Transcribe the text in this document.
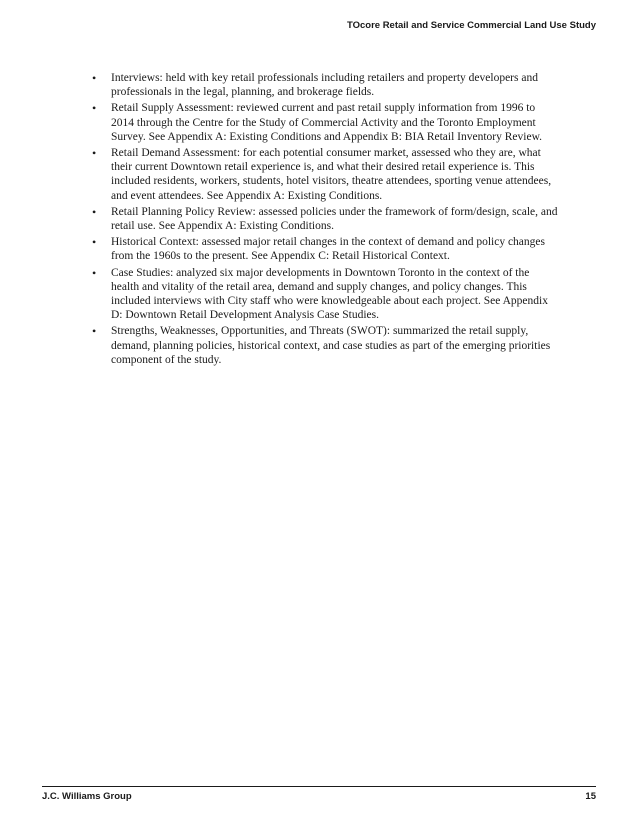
TOcore Retail and Service Commercial Land Use Study
• Interviews: held with key retail professionals including retailers and property developers and professionals in the legal, planning, and brokerage fields.
• Retail Supply Assessment: reviewed current and past retail supply information from 1996 to 2014 through the Centre for the Study of Commercial Activity and the Toronto Employment Survey. See Appendix A: Existing Conditions and Appendix B: BIA Retail Inventory Review.
• Retail Demand Assessment: for each potential consumer market, assessed who they are, what their current Downtown retail experience is, and what their desired retail experience is. This included residents, workers, students, hotel visitors, theatre attendees, sporting venue attendees, and event attendees. See Appendix A: Existing Conditions.
• Retail Planning Policy Review: assessed policies under the framework of form/design, scale, and retail use. See Appendix A: Existing Conditions.
• Historical Context: assessed major retail changes in the context of demand and policy changes from the 1960s to the present. See Appendix C: Retail Historical Context.
• Case Studies: analyzed six major developments in Downtown Toronto in the context of the health and vitality of the retail area, demand and supply changes, and policy changes. This included interviews with City staff who were knowledgeable about each project. See Appendix D: Downtown Retail Development Analysis Case Studies.
• Strengths, Weaknesses, Opportunities, and Threats (SWOT): summarized the retail supply, demand, planning policies, historical context, and case studies as part of the emerging priorities component of the study.
J.C. Williams Group	15
